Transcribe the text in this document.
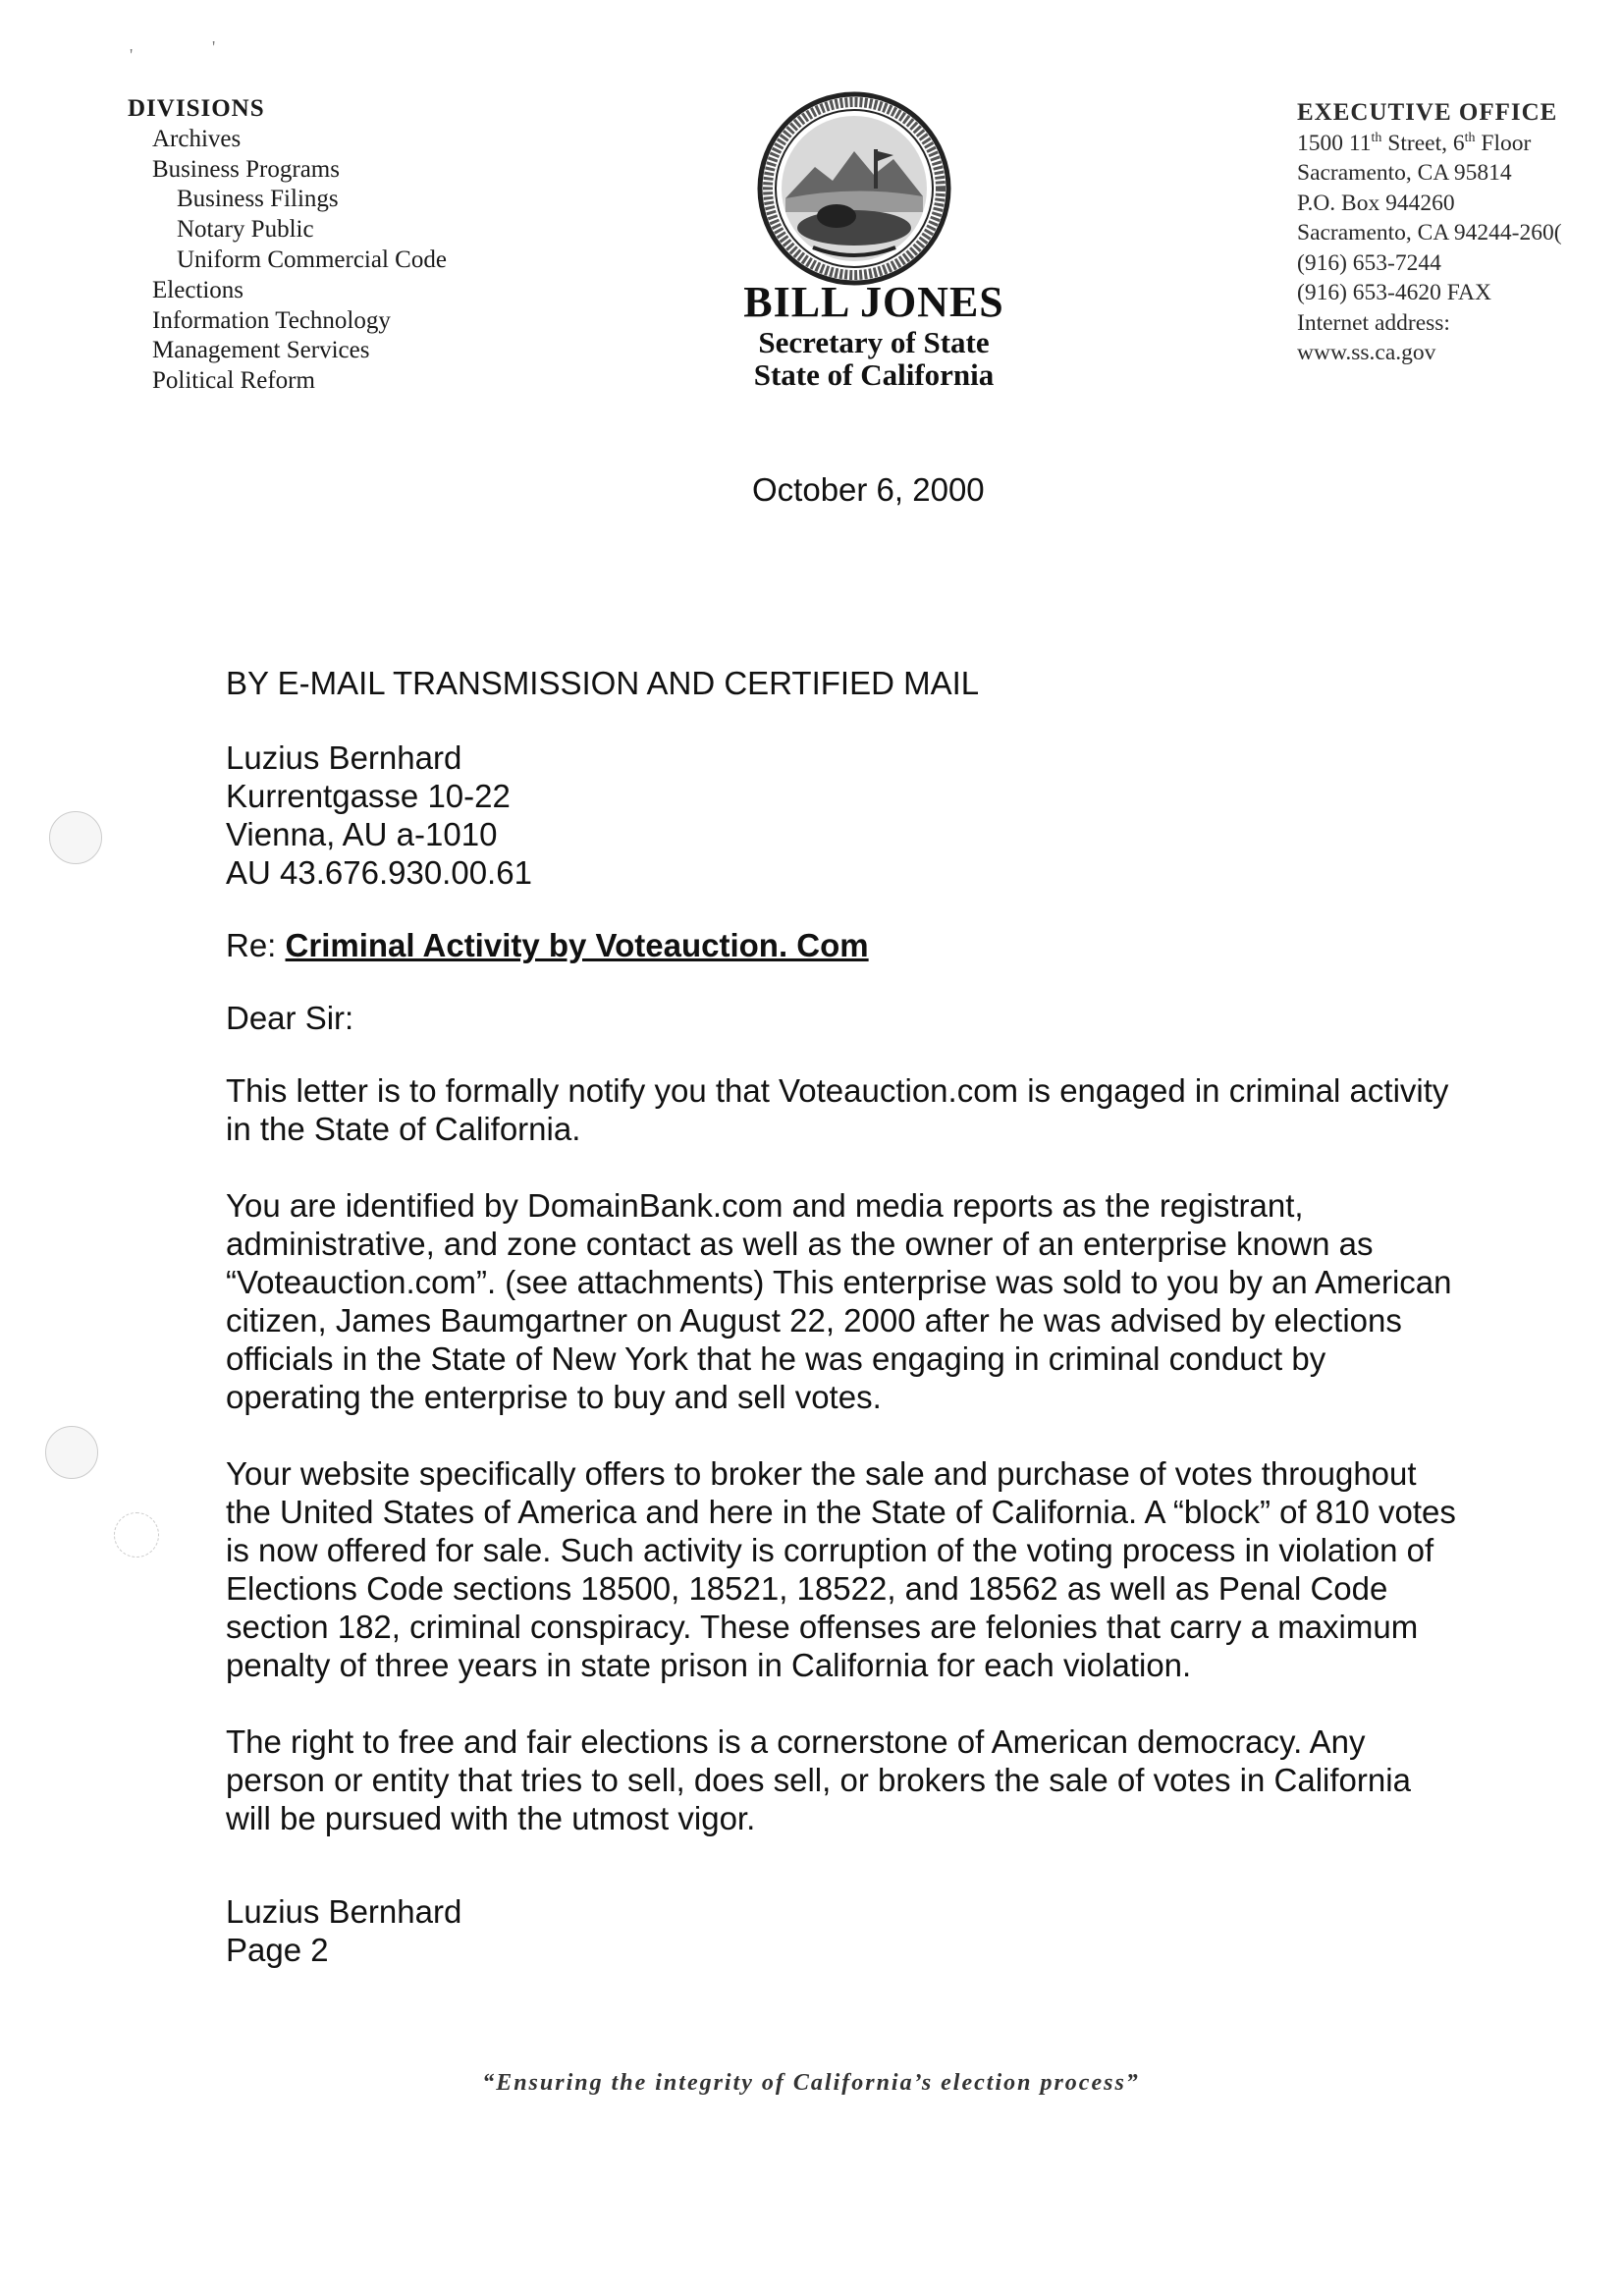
'	'
DIVISIONS
Archives
Business Programs
Business Filings
Notary Public
Uniform Commercial Code
Elections
Information Technology
Management Services
Political Reform
BILL JONES
Secretary of State
State of California
EXECUTIVE OFFICE
1500 11th Street, 6th Floor
Sacramento, CA 95814
P.O. Box 944260
Sacramento, CA 94244-260(
(916) 653-7244
(916) 653-4620 FAX
Internet address:
www.ss.ca.gov
October 6, 2000

BY E-MAIL TRANSMISSION AND CERTIFIED MAIL

Luzius Bernhard

Kurrentgasse 10-22

Vienna, AU a-1010

AU 43.676.930.00.61

Re: Criminal Activity by Voteauction. Com

Dear Sir:

This letter is to formally notify you that Voteauction.com is engaged in criminal activity

in the State of California.

You are identified by DomainBank.com and media reports as the registrant,

administrative, and zone contact as well as the owner of an enterprise known as

“Voteauction.com”. (see attachments) This enterprise was sold to you by an American

citizen, James Baumgartner on August 22, 2000 after he was advised by elections

officials in the State of New York that he was engaging in criminal conduct by

operating the enterprise to buy and sell votes.

Your website specifically offers to broker the sale and purchase of votes throughout

the United States of America and here in the State of California. A “block” of 810 votes

is now offered for sale. Such activity is corruption of the voting process in violation of

Elections Code sections 18500, 18521, 18522, and 18562 as well as Penal Code

section 182, criminal conspiracy. These offenses are felonies that carry a maximum

penalty of three years in state prison in California for each violation.

The right to free and fair elections is a cornerstone of American democracy. Any

person or entity that tries to sell, does sell, or brokers the sale of votes in California

will be pursued with the utmost vigor.

Luzius Bernhard

Page 2

“Ensuring the integrity of California’s election process”
